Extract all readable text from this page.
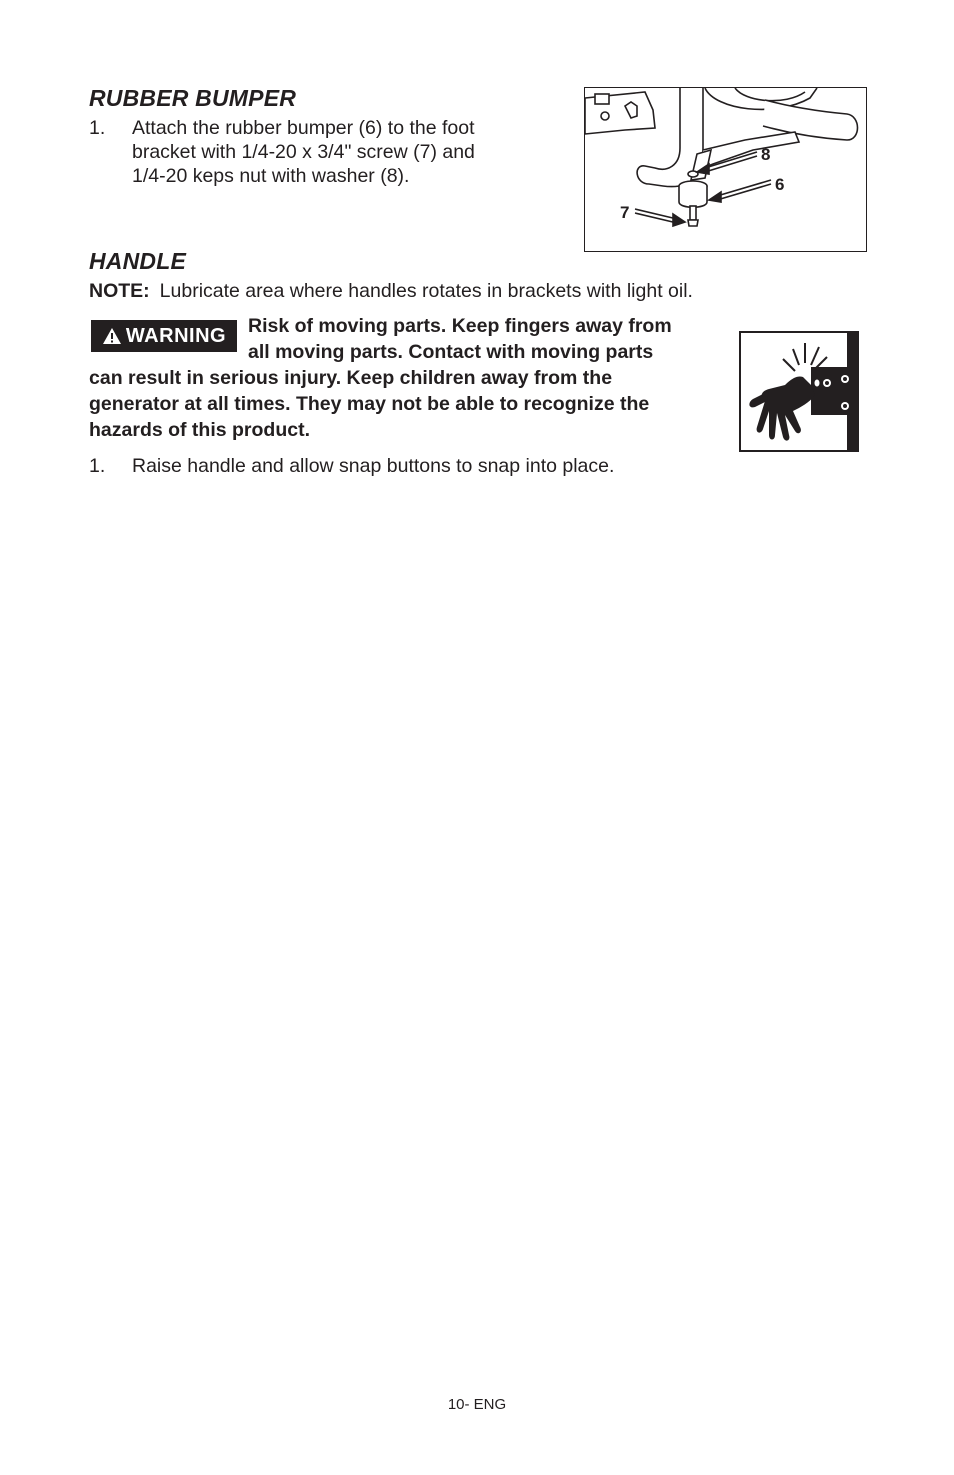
RUBBER BUMPER
1. Attach the rubber bumper (6) to the foot
bracket with 1/4-20 x 3/4" screw (7) and
1/4-20 keps nut with washer (8).
8
6
7
HANDLE
NOTE: Lubricate area where handles rotates in brackets with light oil.
WARNING Risk of moving parts. Keep fingers away from
all moving parts. Contact with moving parts
can result in serious injury. Keep children away from the
generator at all times. They may not be able to recognize the
hazards of this product.
1. Raise handle and allow snap buttons to snap into place.
10- ENG
